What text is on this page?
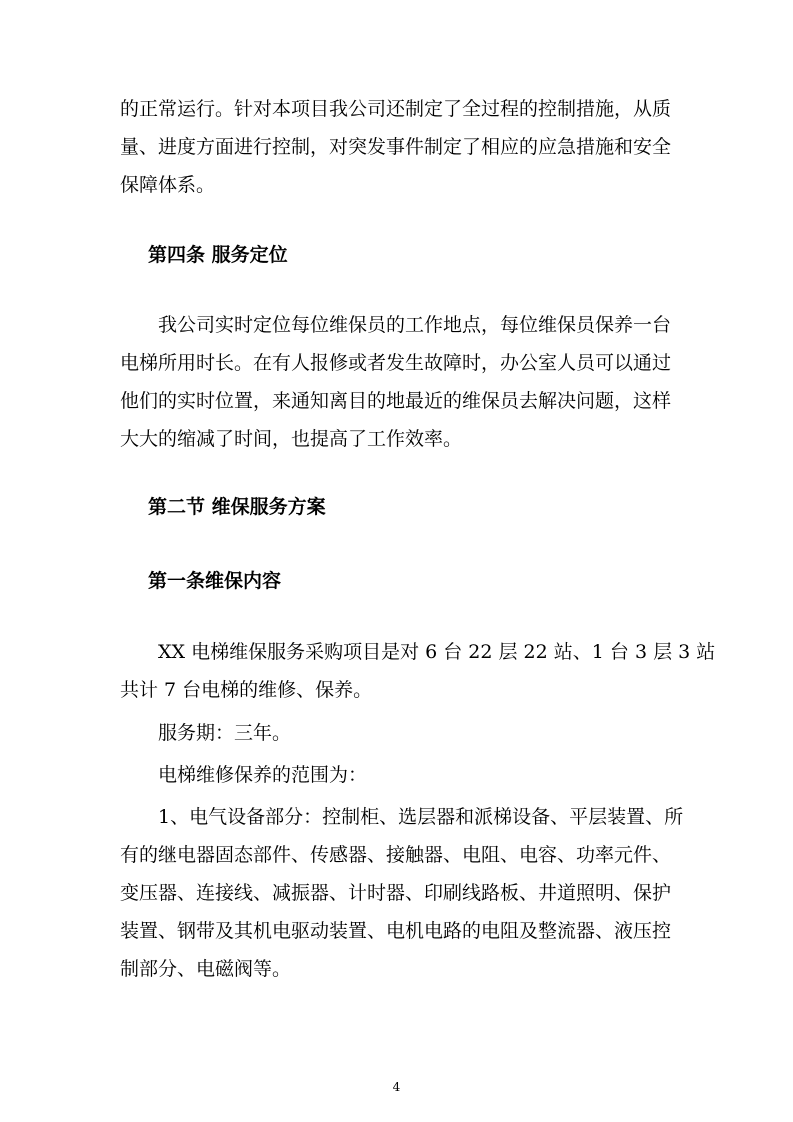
的正常运行。针对本项目我公司还制定了全过程的控制措施，从质
量、进度方面进行控制，对突发事件制定了相应的应急措施和安全
保障体系。
第四条 服务定位
我公司实时定位每位维保员的工作地点，每位维保员保养一台
电梯所用时长。在有人报修或者发生故障时，办公室人员可以通过
他们的实时位置，来通知离目的地最近的维保员去解决问题，这样
大大的缩减了时间，也提高了工作效率。
第二节 维保服务方案
第一条维保内容
XX 电梯维保服务采购项目是对 6 台 22 层 22 站、1 台 3 层 3 站
共计 7 台电梯的维修、保养。

服务期：三年。

电梯维修保养的范围为：

1、电气设备部分：控制柜、选层器和派梯设备、平层装置、所
有的继电器固态部件、传感器、接触器、电阻、电容、功率元件、
变压器、连接线、减振器、计时器、印刷线路板、井道照明、保护
装置、钢带及其机电驱动装置、电机电路的电阻及整流器、液压控
制部分、电磁阀等。
4
